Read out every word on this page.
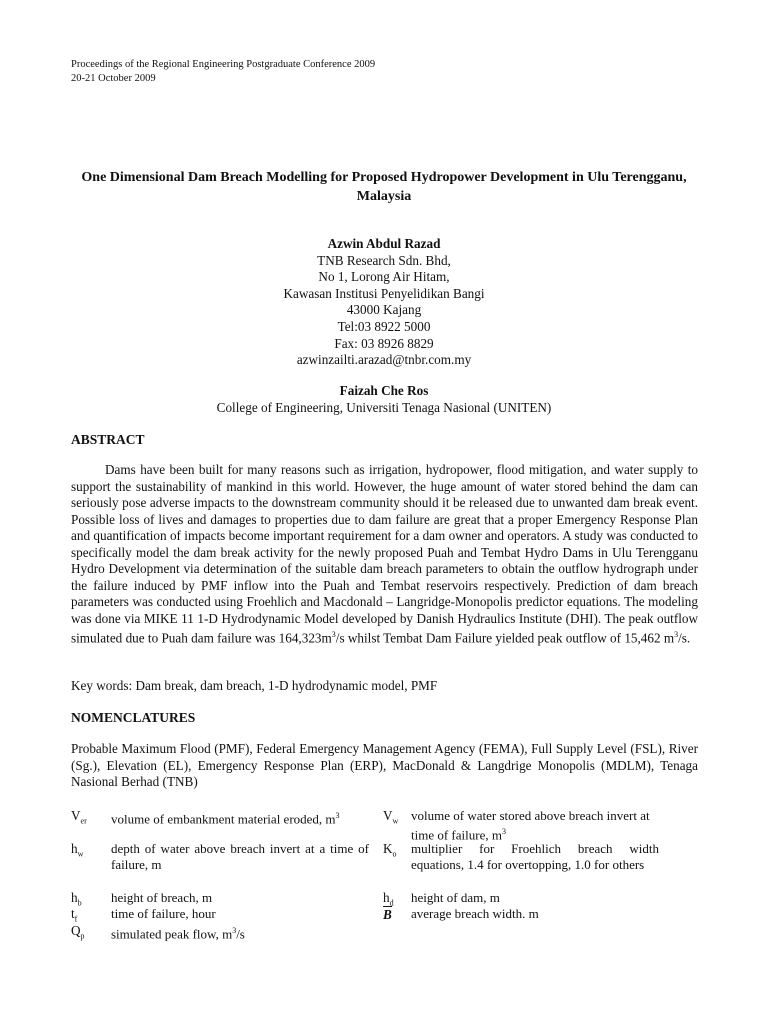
Proceedings of the Regional Engineering Postgraduate Conference 2009
20-21 October 2009
One Dimensional Dam Breach Modelling for Proposed Hydropower Development in Ulu Terengganu, Malaysia
Azwin Abdul Razad
TNB Research Sdn. Bhd,
No 1, Lorong Air Hitam,
Kawasan Institusi Penyelidikan Bangi
43000 Kajang
Tel:03 8922 5000
Fax: 03 8926 8829
azwinzailti.arazad@tnbr.com.my
Faizah Che Ros
College of Engineering, Universiti Tenaga Nasional (UNITEN)
ABSTRACT
Dams have been built for many reasons such as irrigation, hydropower, flood mitigation, and water supply to support the sustainability of mankind in this world. However, the huge amount of water stored behind the dam can seriously pose adverse impacts to the downstream community should it be released due to unwanted dam break event. Possible loss of lives and damages to properties due to dam failure are great that a proper Emergency Response Plan and quantification of impacts become important requirement for a dam owner and operators. A study was conducted to specifically model the dam break activity for the newly proposed Puah and Tembat Hydro Dams in Ulu Terengganu Hydro Development via determination of the suitable dam breach parameters to obtain the outflow hydrograph under the failure induced by PMF inflow into the Puah and Tembat reservoirs respectively. Prediction of dam breach parameters was conducted using Froehlich and Macdonald – Langridge-Monopolis predictor equations. The modeling was done via MIKE 11 1-D Hydrodynamic Model developed by Danish Hydraulics Institute (DHI). The peak outflow simulated due to Puah dam failure was $164,323m^3/s$ whilst Tembat Dam Failure yielded peak outflow of 15,462 $m^3/s$.
Key words: Dam break, dam breach, 1-D hydrodynamic model, PMF
NOMENCLATURES
Probable Maximum Flood (PMF), Federal Emergency Management Agency (FEMA), Full Supply Level (FSL), River (Sg.), Elevation (EL), Emergency Response Plan (ERP), MacDonald & Langdrige Monopolis (MDLM), Tenaga Nasional Berhad (TNB)
$V_{er}$ volume of embankment material eroded, $m^3$
$h_w$ depth of water above breach invert at a time of failure, m
$h_b$ height of breach, m
$t_f$	time of failure, hour
$Q_p$ simulated peak flow, $m^3/s$
$V_w$ volume of water stored above breach invert at time of failure, $m^3$
$K_o$ multiplier for Froehlich breach width equations, 1.4 for overtopping, 1.0 for others
$h_d$ height of dam, m
B average breach width. m
